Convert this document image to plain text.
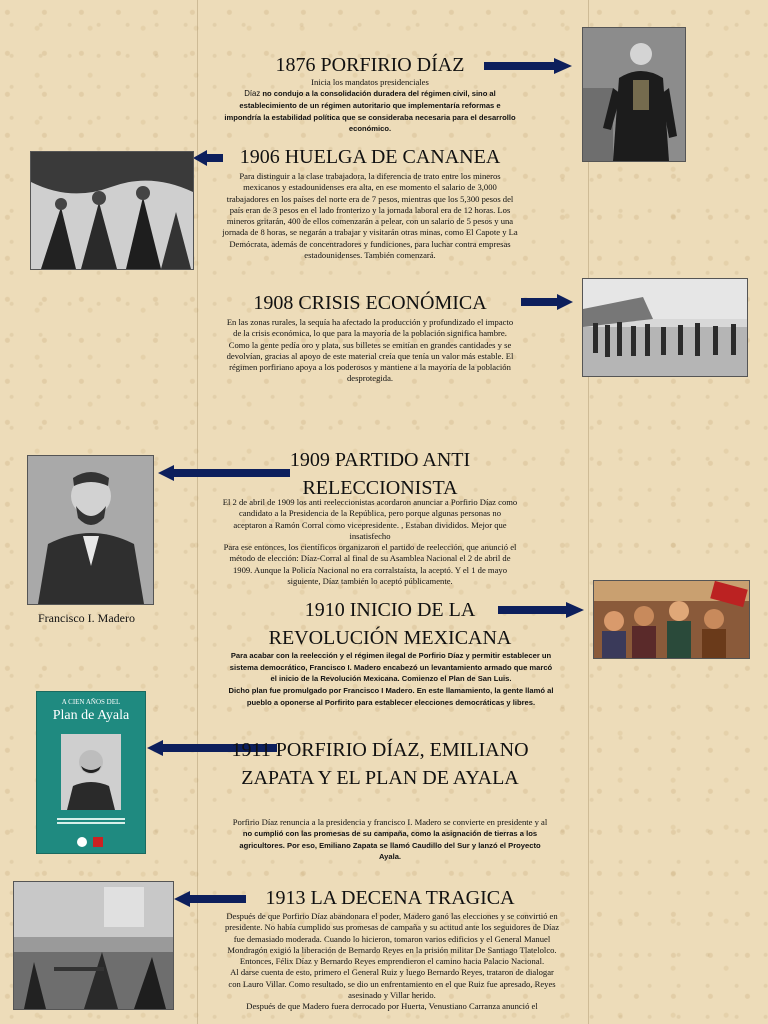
1876 PORFIRIO DÍAZ
Inicia los mandatos presidenciales
Díaz no condujo a la consolidación duradera del régimen civil, sino al establecimiento de un régimen autoritario que implementaría reformas e impondría la estabilidad política que se consideraba necesaria para el desarrollo económico.
1906 HUELGA DE CANANEA

Para distinguir a la clase trabajadora, la diferencia de trato entre los mineros mexicanos y estadounidenses era alta, en ese momento el salario de 3,000 trabajadores en los países del norte era de 7 pesos, mientras que los 5,300 pesos del país eran de 3 pesos en el lado fronterizo y la jornada laboral era de 12 horas. Los mineros gritarán, 400 de ellos comenzarán a pelear, con un salario de 5 pesos y una jornada de 8 horas, se negarán a trabajar y visitarán otras minas, como El Capote y La Demócrata, además de concentradores y fundiciones, para luchar contra empresas estadounidenses. También comenzará.

1908 CRISIS ECONÓMICA

En las zonas rurales, la sequía ha afectado la producción y profundizado el impacto de la crisis económica, lo que para la mayoría de la población significa hambre. Como la gente pedía oro y plata, sus billetes se emitían en grandes cantidades y se devolvían, gracias al apoyo de este material creía que tenía un valor más estable. El régimen porfiriano apoya a los poderosos y mantiene a la mayoría de la población desprotegida.

1909 PARTIDO ANTI RELECCIONISTA
El 2 de abril de 1909 los anti reeleccionistas acordaron anunciar a Porfirio Díaz como candidato a la Presidencia de la República, pero porque algunas personas no aceptaron a Ramón Corral como vicepresidente. , Estaban divididos. Mejor que insatisfecho
Para ese entonces, los científicos organizaron el partido de reelección, que anunció el método de elección: Díaz-Corral al final de su Asamblea Nacional el 2 de abril de 1909. Aunque la Policía Nacional no era corralstaísta, la aceptó. Y el 1 de mayo siguiente, Díaz también lo aceptó públicamente.
Francisco I. Madero	1910 INICIO DE LA REVOLUCIÓN MEXICANA
Para acabar con la reelección y el régimen ilegal de Porfirio Díaz y permitir establecer un sistema democrático, Francisco I. Madero encabezó un levantamiento armado que marcó el inicio de la Revolución Mexicana. Comienzo el Plan de San Luis.
Dicho plan fue promulgado por Francisco I Madero. En este llamamiento, la gente llamó al pueblo a oponerse al Porfirito para establecer elecciones democráticas y libres.
1911 PORFIRIO DÍAZ, EMILIANO ZAPATA Y EL PLAN DE AYALA
Porfirio Díaz renuncia a la presidencia y francisco I. Madero se convierte en presidente y al no cumplió con las promesas de su campaña, como la asignación de tierras a los agricultores. Por eso, Emiliano Zapata se llamó Caudillo del Sur y lanzó el Proyecto Ayala.
A CIEN AÑOS DEL
Plan de Ayala
1913 LA DECENA TRAGICA
Después de que Porfirio Díaz abandonara el poder, Madero ganó las elecciones y se convirtió en presidente. No había cumplido sus promesas de campaña y su actitud ante los seguidores de Díaz fue demasiado moderada. Cuando lo hicieron, tomaron varios edificios y el General Manuel Mondragón exigió la liberación de Bernardo Reyes en la prisión militar De Santiago Tlatelolco. Entonces, Félix Díaz y Bernardo Reyes emprendieron el camino hacia Palacio Nacional.
Al darse cuenta de esto, primero el General Ruiz y luego Bernardo Reyes, trataron de dialogar con Lauro Villar. Como resultado, se dio un enfrentamiento en el que Ruiz fue apresado, Reyes asesinado y Villar herido.
Después de que Madero fuera derrocado por Huerta, Venustiano Carranza anunció el
